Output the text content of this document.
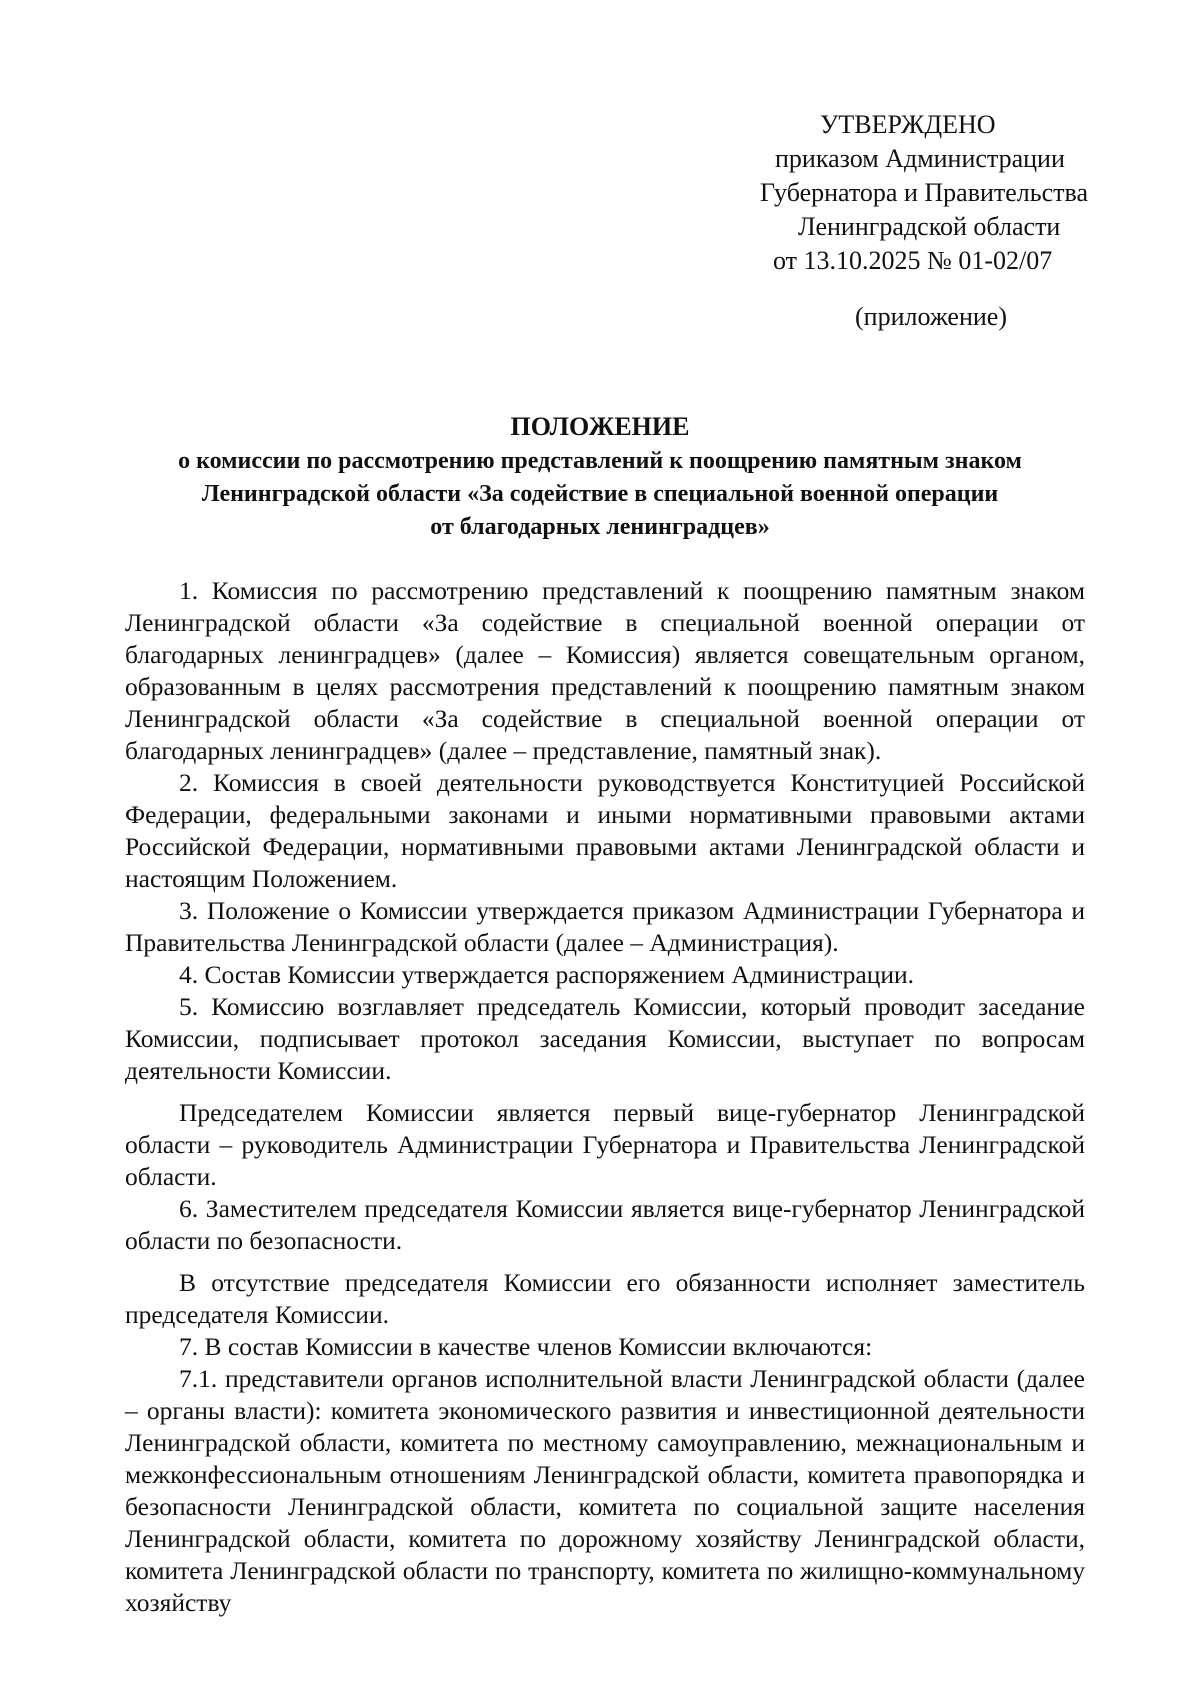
УТВЕРЖДЕНО
приказом Администрации
Губернатора и Правительства
Ленинградской области
от 13.10.2025 № 01-02/07
(приложение)
ПОЛОЖЕНИЕ
о комиссии по рассмотрению представлений к поощрению памятным знаком
Ленинградской области «За содействие в специальной военной операции
от благодарных ленинградцев»

1. Комиссия по рассмотрению представлений к поощрению памятным знаком Ленинградской области «За содействие в специальной военной операции от благодарных ленинградцев» (далее – Комиссия) является совещательным органом, образованным в целях рассмотрения представлений к поощрению памятным знаком Ленинградской области «За содействие в специальной военной операции от благодарных ленинградцев» (далее – представление, памятный знак).

2. Комиссия в своей деятельности руководствуется Конституцией Российской Федерации, федеральными законами и иными нормативными правовыми актами Российской Федерации, нормативными правовыми актами Ленинградской области и настоящим Положением.

3. Положение о Комиссии утверждается приказом Администрации Губернатора и Правительства Ленинградской области (далее – Администрация).

4. Состав Комиссии утверждается распоряжением Администрации.

5. Комиссию возглавляет председатель Комиссии, который проводит заседание Комиссии, подписывает протокол заседания Комиссии, выступает по вопросам деятельности Комиссии.

Председателем Комиссии является первый вице-губернатор Ленинградской области – руководитель Администрации Губернатора и Правительства Ленинградской области.

6. Заместителем председателя Комиссии является вице-губернатор Ленинградской области по безопасности.

В отсутствие председателя Комиссии его обязанности исполняет заместитель председателя Комиссии.

7. В состав Комиссии в качестве членов Комиссии включаются:

7.1. представители органов исполнительной власти Ленинградской области (далее – органы власти): комитета экономического развития и инвестиционной деятельности Ленинградской области, комитета по местному самоуправлению, межнациональным и межконфессиональным отношениям Ленинградской области, комитета правопорядка и безопасности Ленинградской области, комитета по социальной защите населения Ленинградской области, комитета по дорожному хозяйству Ленинградской области, комитета Ленинградской области по транспорту, комитета по жилищно-коммунальному хозяйству
